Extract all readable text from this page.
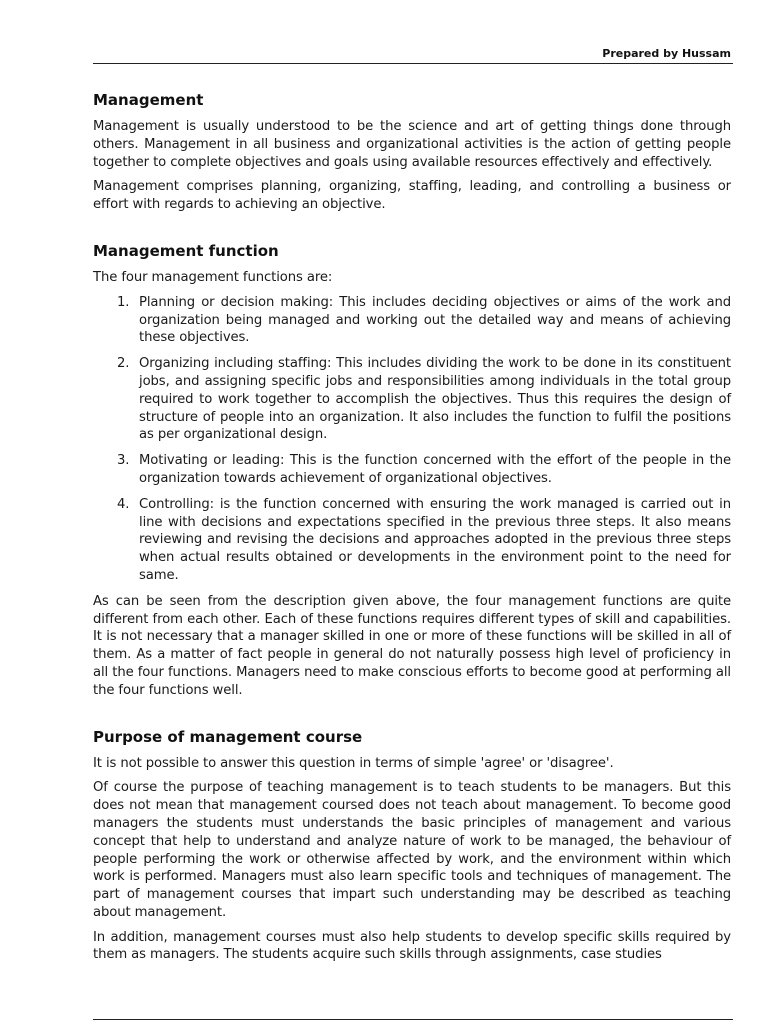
Prepared by Hussam
Management

Management is usually understood to be the science and art of getting things done through others. Management in all business and organizational activities is the action of getting people together to complete objectives and goals using available resources effectively and effectively.

Management comprises planning, organizing, staffing, leading, and controlling a business or effort with regards to achieving an objective.

Management function

The four management functions are:

1. Planning or decision making: This includes deciding objectives or aims of the work and organization being managed and working out the detailed way and means of achieving these objectives.
2. Organizing including staffing: This includes dividing the work to be done in its constituent jobs, and assigning specific jobs and responsibilities among individuals in the total group required to work together to accomplish the objectives. Thus this requires the design of structure of people into an organization. It also includes the function to fulfil the positions as per organizational design.
3. Motivating or leading: This is the function concerned with the effort of the people in the organization towards achievement of organizational objectives.
4. Controlling: is the function concerned with ensuring the work managed is carried out in line with decisions and expectations specified in the previous three steps. It also means reviewing and revising the decisions and approaches adopted in the previous three steps when actual results obtained or developments in the environment point to the need for same.

As can be seen from the description given above, the four management functions are quite different from each other. Each of these functions requires different types of skill and capabilities. It is not necessary that a manager skilled in one or more of these functions will be skilled in all of them. As a matter of fact people in general do not naturally possess high level of proficiency in all the four functions. Managers need to make conscious efforts to become good at performing all the four functions well.

Purpose of management course

It is not possible to answer this question in terms of simple 'agree' or 'disagree'.

Of course the purpose of teaching management is to teach students to be managers. But this does not mean that management coursed does not teach about management. To become good managers the students must understands the basic principles of management and various concept that help to understand and analyze nature of work to be managed, the behaviour of people performing the work or otherwise affected by work, and the environment within which work is performed. Managers must also learn specific tools and techniques of management. The part of management courses that impart such understanding may be described as teaching about management.

In addition, management courses must also help students to develop specific skills required by them as managers. The students acquire such skills through assignments, case studies
